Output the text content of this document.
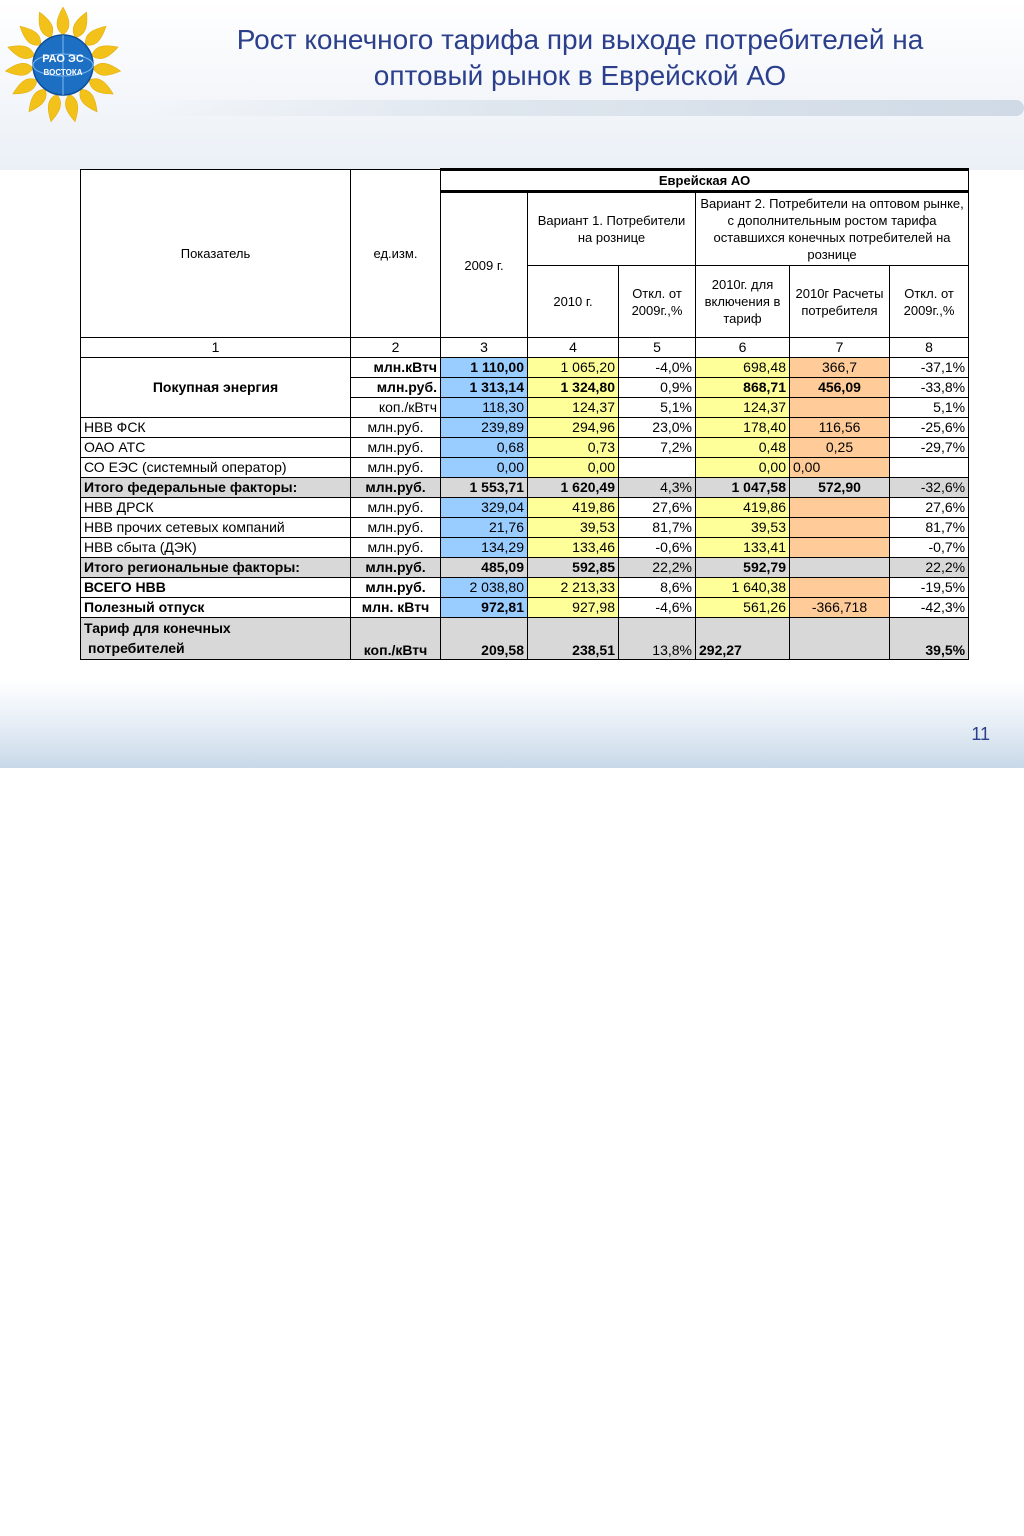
РАО ЭС
ВОСТОКА
Рост конечного тарифа при выходе потребителей на
оптовый рынок в Еврейской АО
Показатель	ед.изм.	Еврейская АО					
		2009 г.	Вариант 1. Потребители на рознице		Вариант 2. Потребители на оптовом рынке, с дополнительным ростом тарифа оставшихся конечных потребителей на рознице		
			2010 г.	Откл. от 2009г.,%	2010г. для включения в тариф	2010г Расчеты потребителя	Откл. от 2009г.,%
1	2	3	4	5	6	7	8
Покупная энергия	млн.кВтч	1 110,00	1 065,20	-4,0%	698,48	366,7	-37,1%
	млн.руб.	1 313,14	1 324,80	0,9%	868,71	456,09	-33,8%
	коп./кВтч	118,30	124,37	5,1%	124,37		5,1%
НВВ ФСК	млн.руб.	239,89	294,96	23,0%	178,40	116,56	-25,6%
ОАО АТС	млн.руб.	0,68	0,73	7,2%	0,48	0,25	-29,7%
СО ЕЭС (системный оператор)	млн.руб.	0,00	0,00		0,00	0,00	
Итого федеральные факторы:	млн.руб.	1 553,71	1 620,49	4,3%	1 047,58	572,90	-32,6%
НВВ ДРСК	млн.руб.	329,04	419,86	27,6%	419,86		27,6%
НВВ прочих сетевых компаний	млн.руб.	21,76	39,53	81,7%	39,53		81,7%
НВВ сбыта (ДЭК)	млн.руб.	134,29	133,46	-0,6%	133,41		-0,7%
Итого региональные факторы:	млн.руб.	485,09	592,85	22,2%	592,79		22,2%
ВСЕГО НВВ	млн.руб.	2 038,80	2 213,33	8,6%	1 640,38		-19,5%
Полезный отпуск	млн. кВтч	972,81	927,98	-4,6%	561,26	-366,718	-42,3%
Тариф для конечных
потребителей	коп./кВтч	209,58	238,51	13,8%	292,27		39,5%
11
